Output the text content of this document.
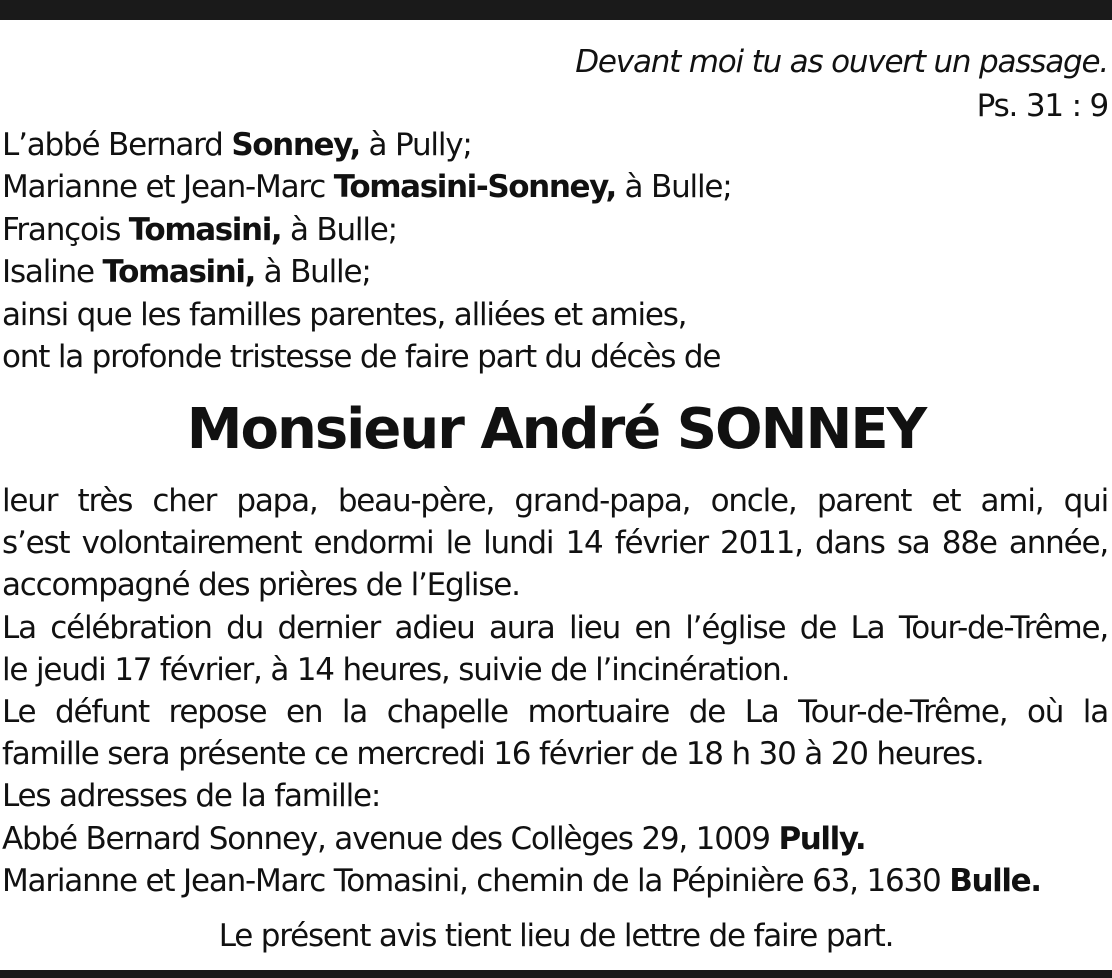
Devant moi tu as ouvert un passage.
Ps. 31 : 9
L’abbé Bernard Sonney, à Pully;
Marianne et Jean-Marc Tomasini-Sonney, à Bulle;
François Tomasini, à Bulle;
Isaline Tomasini, à Bulle;
ainsi que les familles parentes, alliées et amies,
ont la profonde tristesse de faire part du décès de
Monsieur André SONNEY
leur très cher papa, beau-père, grand-papa, oncle, parent et ami, qui
s’est volontairement endormi le lundi 14 février 2011, dans sa 88e année,
accompagné des prières de l’Eglise.
La célébration du dernier adieu aura lieu en l’église de La Tour-de-Trême,
le jeudi 17 février, à 14 heures, suivie de l’incinération.
Le défunt repose en la chapelle mortuaire de La Tour-de-Trême, où la
famille sera présente ce mercredi 16 février de 18 h 30 à 20 heures.
Les adresses de la famille:
Abbé Bernard Sonney, avenue des Collèges 29, 1009 Pully.
Marianne et Jean-Marc Tomasini, chemin de la Pépinière 63, 1630 Bulle.
Le présent avis tient lieu de lettre de faire part.
